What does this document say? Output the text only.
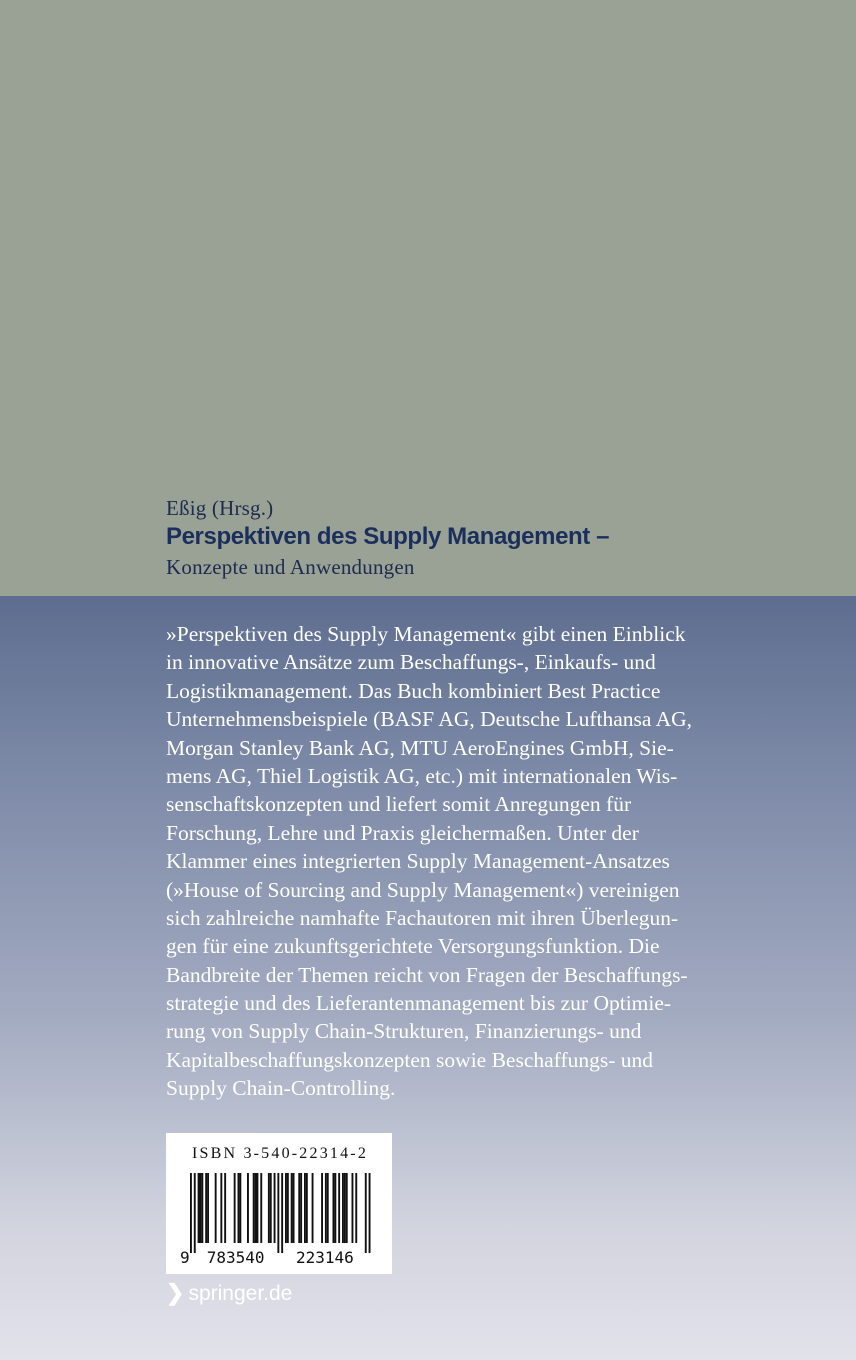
Eßig (Hrsg.)
Perspektiven des Supply Management –
Konzepte und Anwendungen
»Perspektiven des Supply Management« gibt einen Einblick
in innovative Ansätze zum Beschaffungs-, Einkaufs- und
Logistikmanagement. Das Buch kombiniert Best Practice
Unternehmensbeispiele (BASF AG, Deutsche Lufthansa AG,
Morgan Stanley Bank AG, MTU AeroEngines GmbH, Sie-
mens AG, Thiel Logistik AG, etc.) mit internationalen Wis-
senschaftskonzepten und liefert somit Anregungen für
Forschung, Lehre und Praxis gleichermaßen. Unter der
Klammer eines integrierten Supply Management-Ansatzes
(»House of Sourcing and Supply Management«) vereinigen
sich zahlreiche namhafte Fachautoren mit ihren Überlegun-
gen für eine zukunftsgerichtete Versorgungsfunktion. Die
Bandbreite der Themen reicht von Fragen der Beschaffungs-
strategie und des Lieferantenmanagement bis zur Optimie-
rung von Supply Chain-Strukturen, Finanzierungs- und
Kapitalbeschaffungskonzepten sowie Beschaffungs- und
Supply Chain-Controlling.
ISBN 3-540-22314-2
9 783540 223146
❯ springer.de
